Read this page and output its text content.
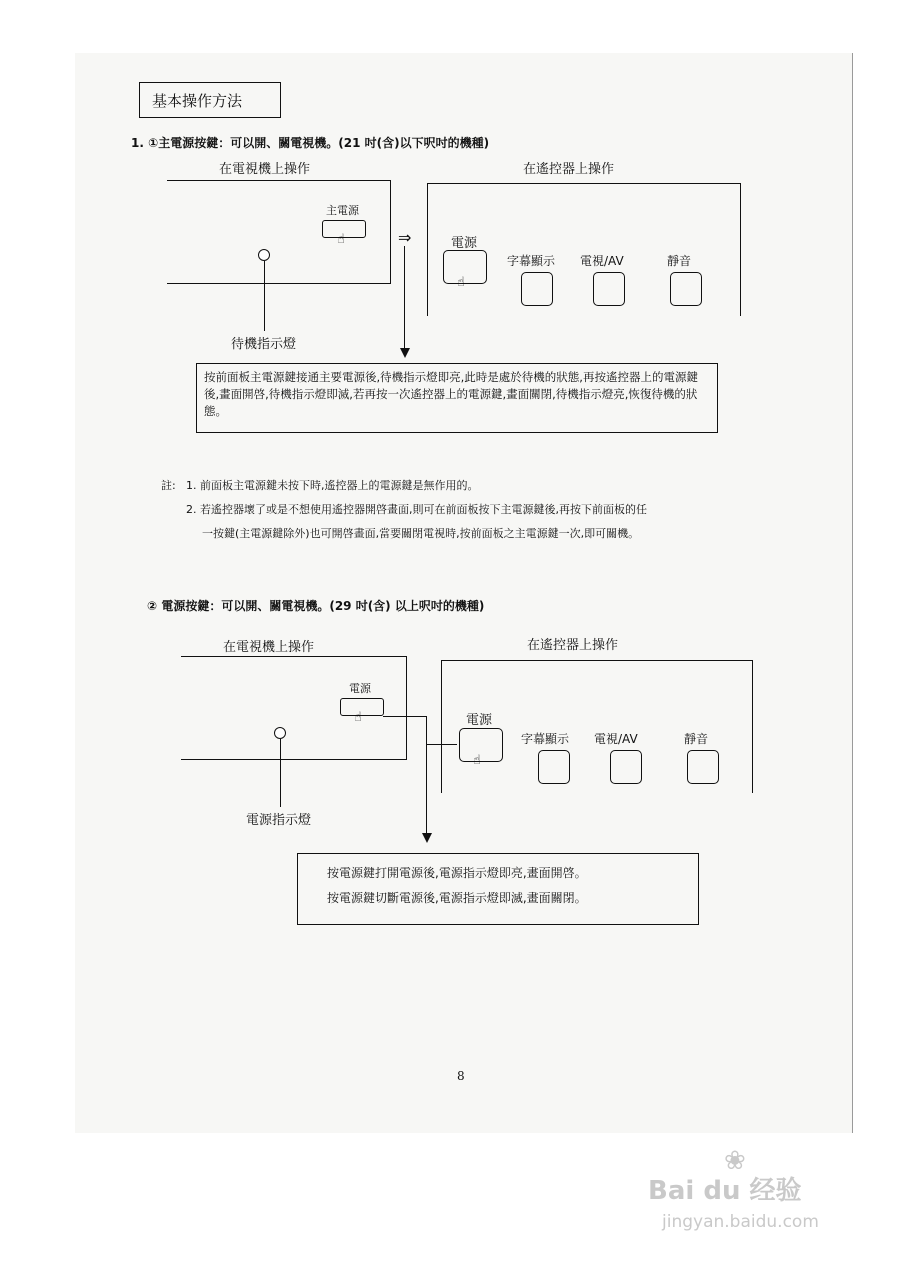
基本操作方法
1. ①主電源按鍵：可以開、關電視機。(21 吋(含)以下呎吋的機種)
在電視機上操作	在遙控器上操作
主電源
☝
待機指示燈
⇒	電源
☝
字幕顯示 電視/AV	靜音
按前面板主電源鍵接通主要電源後,待機指示燈即亮,此時是處於待機的狀態,再按遙控器上的電源鍵後,畫面開啓,待機指示燈即滅,若再按一次遙控器上的電源鍵,畫面關閉,待機指示燈亮,恢復待機的狀態。
註: 1. 前面板主電源鍵未按下時,遙控器上的電源鍵是無作用的。
2. 若遙控器壞了或是不想使用遙控器開啓畫面,則可在前面板按下主電源鍵後,再按下前面板的任
一按鍵(主電源鍵除外)也可開啓畫面,當要關閉電視時,按前面板之主電源鍵一次,即可關機。
② 電源按鍵：可以開、關電視機。(29 吋(含) 以上呎吋的機種)
在電視機上操作	在遙控器上操作
電源
☝
電源指示燈
電源
☝
字幕顯示 電視/AV	靜音
按電源鍵打開電源後,電源指示燈即亮,畫面開啓。
按電源鍵切斷電源後,電源指示燈即滅,畫面關閉。
8
❀
Bai du 经验
jingyan.baidu.com
